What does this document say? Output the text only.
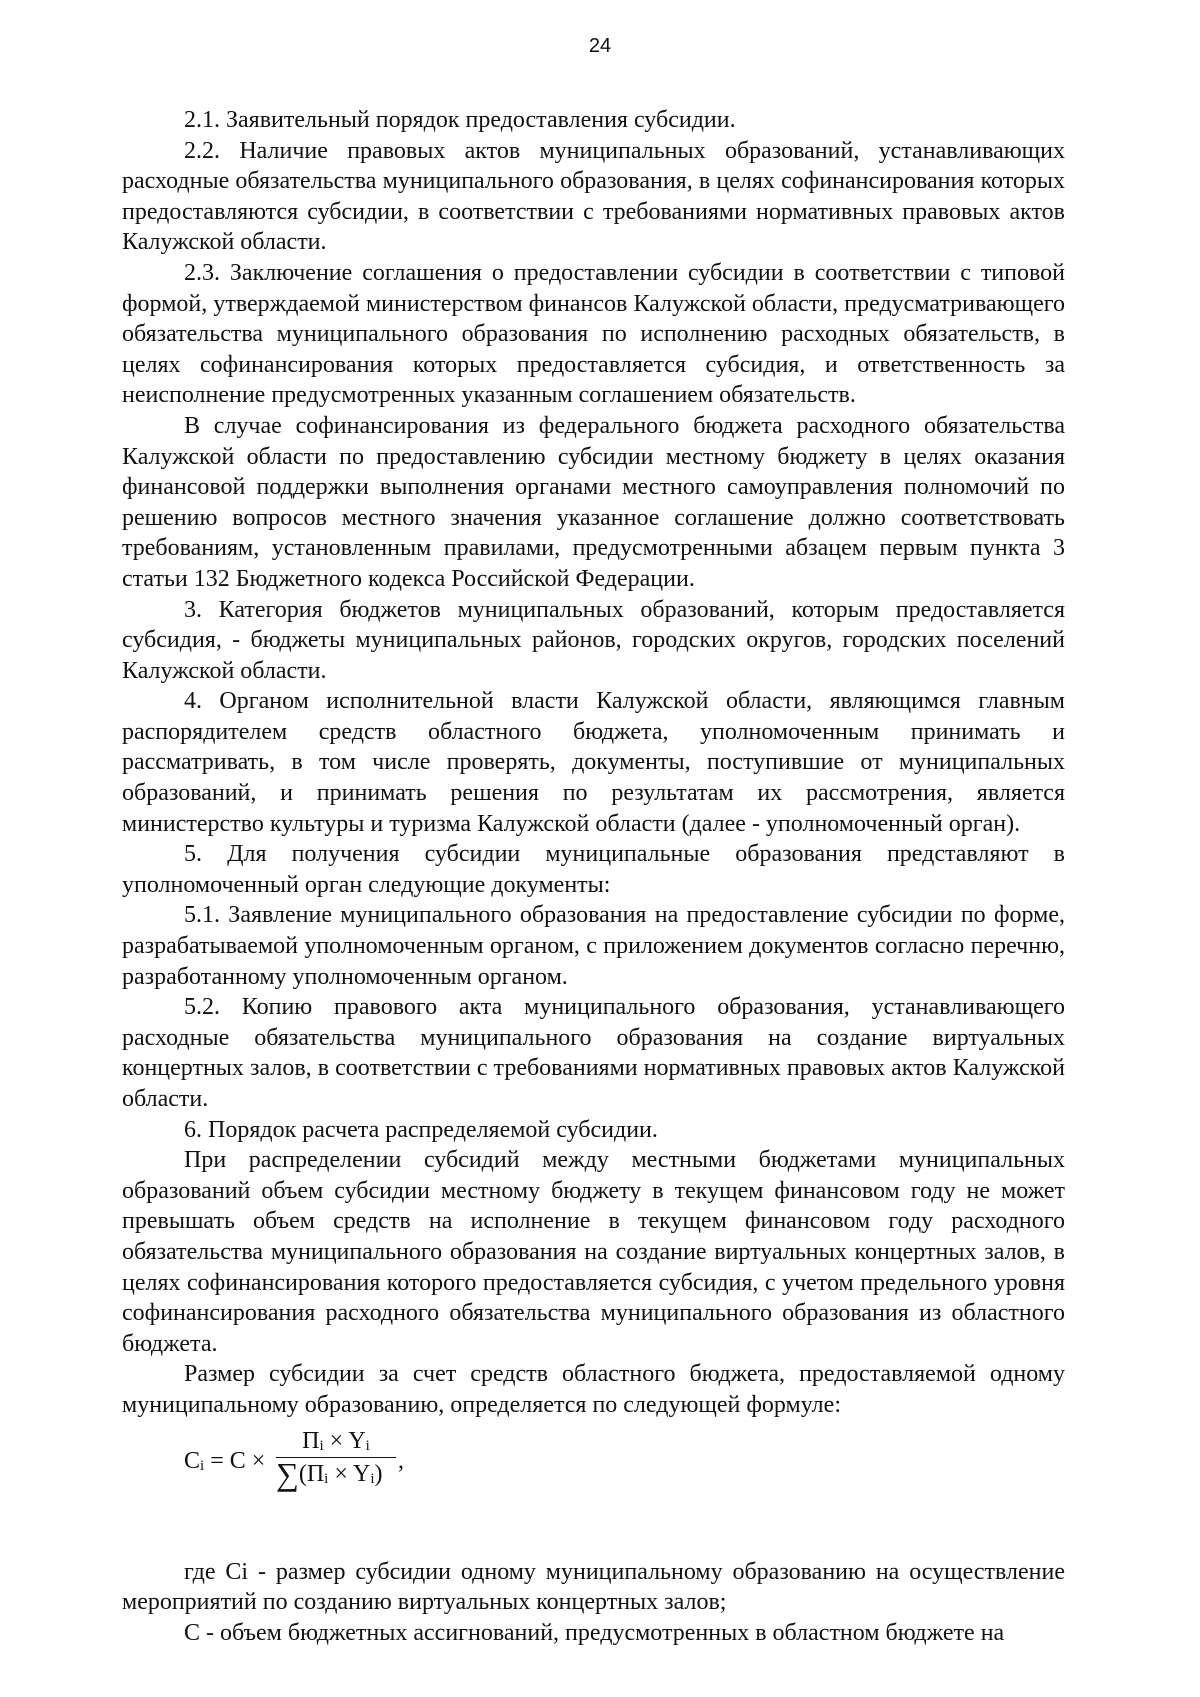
24

2.1. Заявительный порядок предоставления субсидии.

2.2. Наличие правовых актов муниципальных образований, устанавливающих расходные обязательства муниципального образования, в целях софинансирования которых предоставляются субсидии, в соответствии с требованиями нормативных правовых актов Калужской области.

2.3. Заключение соглашения о предоставлении субсидии в соответствии с типовой формой, утверждаемой министерством финансов Калужской области, предусматривающего обязательства муниципального образования по исполнению расходных обязательств, в целях софинансирования которых предоставляется субсидия, и ответственность за неисполнение предусмотренных указанным соглашением обязательств.

В случае софинансирования из федерального бюджета расходного обязательства Калужской области по предоставлению субсидии местному бюджету в целях оказания финансовой поддержки выполнения органами местного самоуправления полномочий по решению вопросов местного значения указанное соглашение должно соответствовать требованиям, установленным правилами, предусмотренными абзацем первым пункта 3 статьи 132 Бюджетного кодекса Российской Федерации.

3. Категория бюджетов муниципальных образований, которым предоставляется субсидия, - бюджеты муниципальных районов, городских округов, городских поселений Калужской области.

4. Органом исполнительной власти Калужской области, являющимся главным распорядителем средств областного бюджета, уполномоченным принимать и рассматривать, в том числе проверять, документы, поступившие от муниципальных образований, и принимать решения по результатам их рассмотрения, является министерство культуры и туризма Калужской области (далее - уполномоченный орган).

5. Для получения субсидии муниципальные образования представляют в уполномоченный орган следующие документы:

5.1. Заявление муниципального образования на предоставление субсидии по форме, разрабатываемой уполномоченным органом, с приложением документов согласно перечню, разработанному уполномоченным органом.

5.2. Копию правового акта муниципального образования, устанавливающего расходные обязательства муниципального образования на создание виртуальных концертных залов, в соответствии с требованиями нормативных правовых актов Калужской области.

6. Порядок расчета распределяемой субсидии.

При распределении субсидий между местными бюджетами муниципальных образований объем субсидии местному бюджету в текущем финансовом году не может превышать объем средств на исполнение в текущем финансовом году расходного обязательства муниципального образования на создание виртуальных концертных залов, в целях софинансирования которого предоставляется субсидия, с учетом предельного уровня софинансирования расходного обязательства муниципального образования из областного бюджета.

Размер субсидии за счет средств областного бюджета, предоставляемой одному муниципальному образованию, определяется по следующей формуле:

$C_i = C$ ×
$П_i \times Y_i$
$\sum(П_i \times Y_i)$ ,

где Ci - размер субсидии одному муниципальному образованию на осуществление мероприятий по созданию виртуальных концертных залов;

C - объем бюджетных ассигнований, предусмотренных в областном бюджете на
